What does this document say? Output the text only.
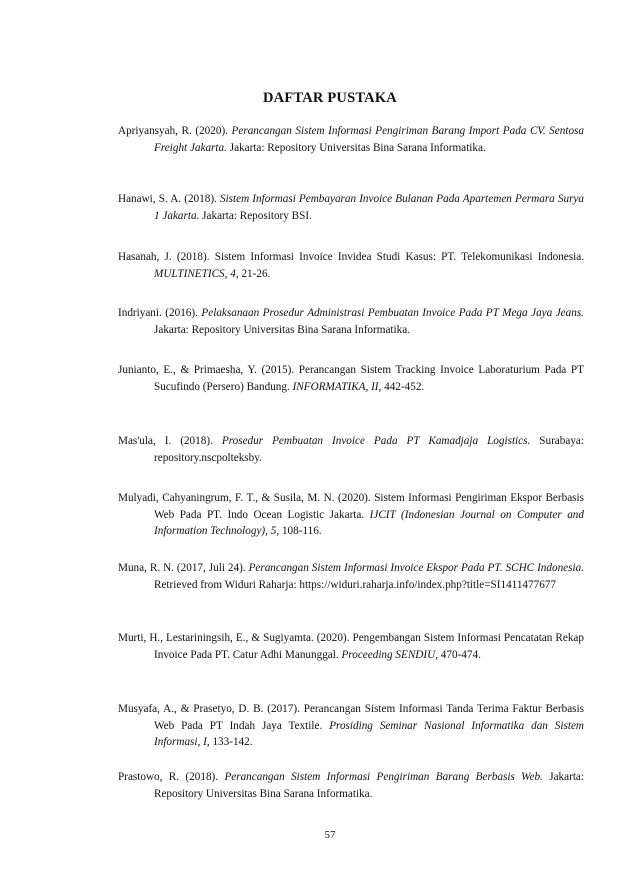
DAFTAR PUSTAKA
Apriyansyah, R. (2020). Perancangan Sistem Informasi Pengiriman Barang Import Pada CV. Sentosa Freight Jakarta. Jakarta: Repository Universitas Bina Sarana Informatika.
Hanawi, S. A. (2018). Sistem Informasi Pembayaran Invoice Bulanan Pada Apartemen Permara Surya 1 Jakarta. Jakarta: Repository BSI.
Hasanah, J. (2018). Sistem Informasi Invoice Invidea Studi Kasus: PT. Telekomunikasi Indonesia. MULTINETICS, 4, 21-26.
Indriyani. (2016). Pelaksanaan Prosedur Administrasi Pembuatan Invoice Pada PT Mega Jaya Jeans. Jakarta: Repository Universitas Bina Sarana Informatika.
Junianto, E., & Primaesha, Y. (2015). Perancangan Sistem Tracking Invoice Laboraturium Pada PT Sucufindo (Persero) Bandung. INFORMATIKA, II, 442-452.
Mas'ula, I. (2018). Prosedur Pembuatan Invoice Pada PT Kamadjaja Logistics. Surabaya: repository.nscpolteksby.
Mulyadi, Cahyaningrum, F. T., & Susila, M. N. (2020). Sistem Informasi Pengiriman Ekspor Berbasis Web Pada PT. Indo Ocean Logistic Jakarta. IJCIT (Indonesian Journal on Computer and Information Technology), 5, 108-116.
Muna, R. N. (2017, Juli 24). Perancangan Sistem Informasi Invoice Ekspor Pada PT. SCHC Indonesia. Retrieved from Widuri Raharja: https://widuri.raharja.info/index.php?title=SI1411477677
Murti, H., Lestariningsih, E., & Sugiyamta. (2020). Pengembangan Sistem Informasi Pencatatan Rekap Invoice Pada PT. Catur Adhi Manunggal. Proceeding SENDIU, 470-474.
Musyafa, A., & Prasetyo, D. B. (2017). Perancangan Sistem Informasi Tanda Terima Faktur Berbasis Web Pada PT Indah Jaya Textile. Prosiding Seminar Nasional Informatika dan Sistem Informasi, I, 133-142.
Prastowo, R. (2018). Perancangan Sistem Informasi Pengiriman Barang Berbasis Web. Jakarta: Repository Universitas Bina Sarana Informatika.
57
